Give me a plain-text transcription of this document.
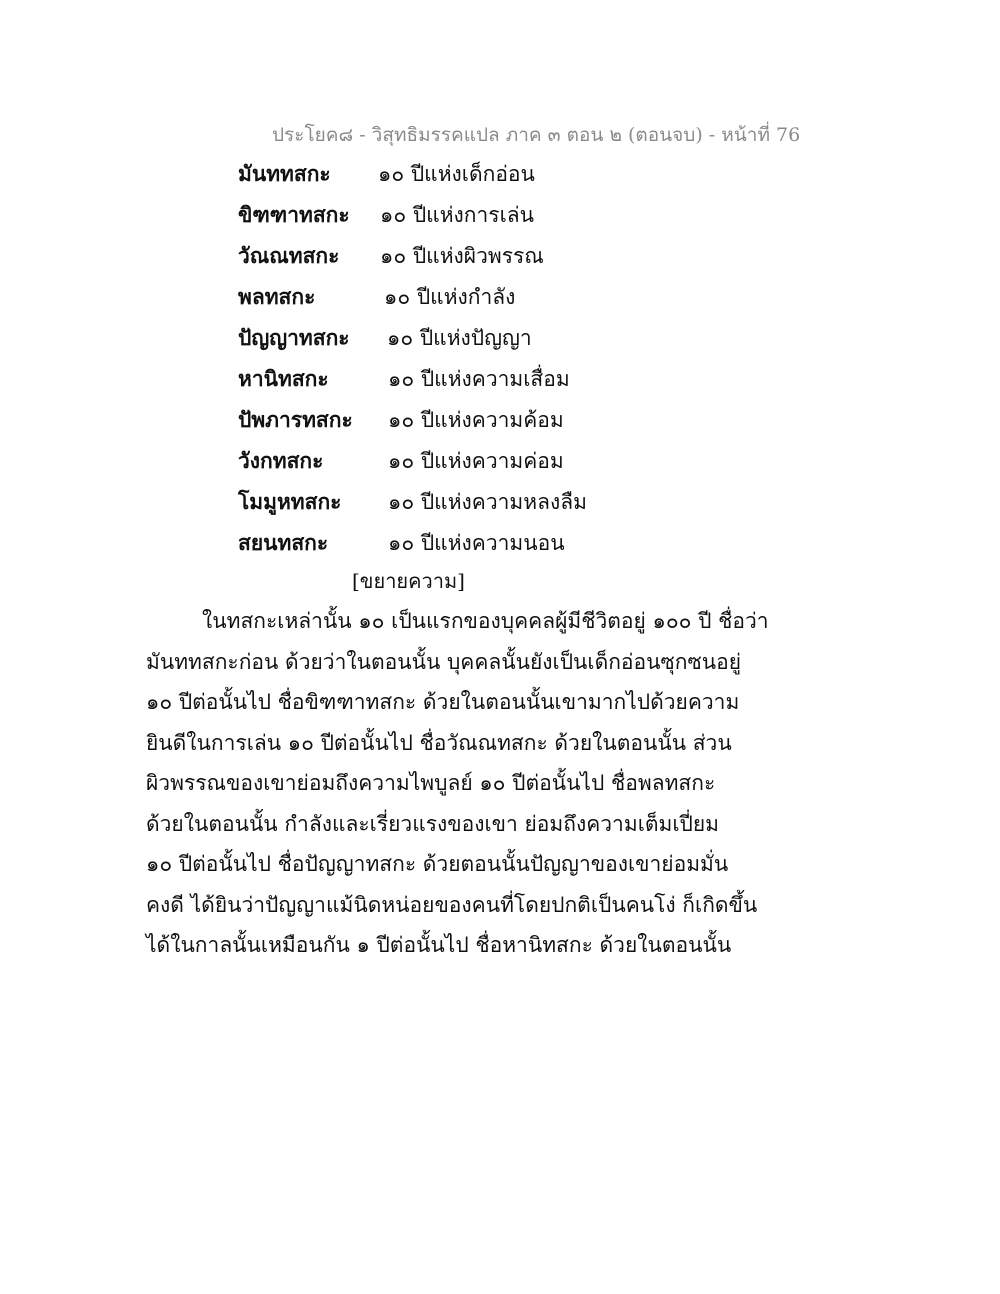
ประโยค๘ - วิสุทธิมรรคแปล ภาค ๓ ตอน ๒ (ตอนจบ) - หน้าที่ 76
มันททสกะ ๑๐ ปีแห่งเด็กอ่อน
ขิฑฑาทสกะ ๑๐ ปีแห่งการเล่น
วัณณทสกะ ๑๐ ปีแห่งผิวพรรณ
พลทสกะ	๑๐ ปีแห่งกำลัง
ปัญญาทสกะ ๑๐ ปีแห่งปัญญา
หานิทสกะ	๑๐ ปีแห่งความเสื่อม
ปัพภารทสกะ ๑๐ ปีแห่งความค้อม
วังกทสกะ	๑๐ ปีแห่งความค่อม
โมมูหทสกะ ๑๐ ปีแห่งความหลงลืม
สยนทสกะ	๑๐ ปีแห่งความนอน
[ขยายความ]
ในทสกะเหล่านั้น ๑๐ เป็นแรกของบุคคลผู้มีชีวิตอยู่ ๑๐๐ ปี ชื่อว่า
มันททสกะก่อน ด้วยว่าในตอนนั้น บุคคลนั้นยังเป็นเด็กอ่อนซุกซนอยู่
๑๐ ปีต่อนั้นไป ชื่อขิฑฑาทสกะ ด้วยในตอนนั้นเขามากไปด้วยความ
ยินดีในการเล่น ๑๐ ปีต่อนั้นไป ชื่อวัณณทสกะ ด้วยในตอนนั้น ส่วน
ผิวพรรณของเขาย่อมถึงความไพบูลย์ ๑๐ ปีต่อนั้นไป ชื่อพลทสกะ
ด้วยในตอนนั้น กำลังและเรี่ยวแรงของเขา ย่อมถึงความเต็มเปี่ยม
๑๐ ปีต่อนั้นไป ชื่อปัญญาทสกะ ด้วยตอนนั้นปัญญาของเขาย่อมมั่น
คงดี ได้ยินว่าปัญญาแม้นิดหน่อยของคนที่โดยปกติเป็นคนโง่ ก็เกิดขึ้น
ได้ในกาลนั้นเหมือนกัน ๑ ปีต่อนั้นไป ชื่อหานิทสกะ ด้วยในตอนนั้น
